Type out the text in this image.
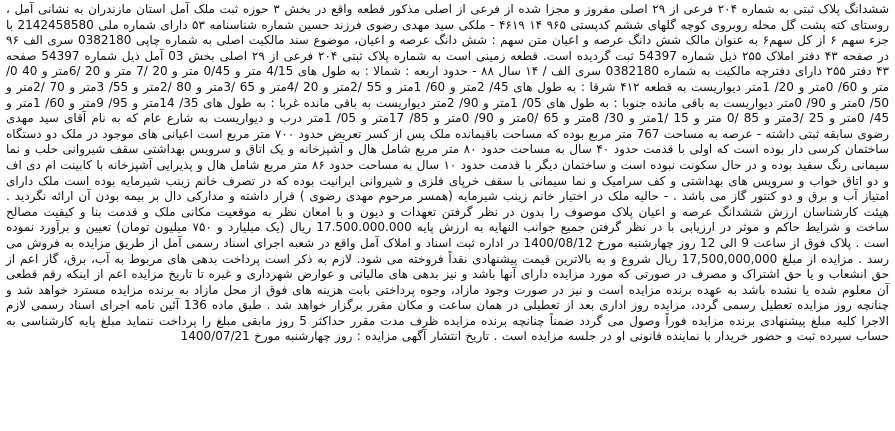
ششدانگ پلاک ثبتی به شماره ۲۰۴ فرعی از ۲۹ اصلی مفروز و مجزا شده از فرعی از اصلی مذکور قطعه واقع در بخش ۳ حوزه ثبت ملک آمل استان مازندران به نشانی آمل ، روستای کته پشت گل محله روبروی کوچه گلهای ششم کدپستی ۹۶۵ ۱۴ ۴۶۱۹ - ملکی سید مهدی رضوی فرزند حسین شماره شناسنامه ۵۳ دارای شماره ملی 2142458580 با جزء سهم ۶ از کل سهم۶ به عنوان مالک شش دانگ عرصه و اعیان متن سهم : شش دانگ عرصه و اعیان، موضوع سند مالکیت اصلی به شماره چاپی 0382180 سری الف ۹۶ در صفحه ۴۳ دفتر املاک ۲۵۵ ذیل شماره 54397 ثبت گردیده است. قطعه زمینی است به شماره پلاک ثبتی ۲۰۴ فرعی از ۲۹ اصلی بخش 03 آمل ذیل شماره 54397 صفحه ۴۳ دفتر ۲۵۵ دارای دفترچه مالکیت به شماره 0382180 سری الف / ۱۴ سال ۸۸ - حدود اربعه : شمالا : به طول های 4/15 متر و 0/45 متر و 20 /7 متر و 20 /6متر و 40 0/متر و 60/ 0متر و 20/ 1متر دیواریست به قطعه ۴۱۲ شرقا : به طول های 45/ 2متر و 60/ 1متر و 55 /2متر و 20 /4متر و 65 /3متر و 80 /2متر و 55/ 3متر و 70 /2متر و 50/ 0متر و 90/ 0متر دیواریست به باقی مانده جنوبا : به طول های 05/ 1متر و 90/ 2متر دیواریست به باقی مانده غربا : به طول های 35/ 14متر و 95/ 9متر و 60/ 1متر و 45/ 0متر و 25 /3متر و 85 /0 متر و 15 /1متر و 30/ 8متر و 65 /0متر و 90/ 0متر و 85/ 17متر و 05/ 1متر درب و دیواریست به شارع عام که به نام آقای سید مهدی رضوی سابقه ثبتی داشته - عرصه به مساحت 767 متر مربع بوده که مساحت باقیمانده ملک پس از کسر تعریض حدود ۷۰۰ متر مربع است اعیانی های موجود در ملک دو دستگاه ساختمان کرسی دار بوده است که اولی با قدمت حدود ۴۰ سال به مساحت حدود ۸۰ متر مربع شامل هال و آشپزخانه و یک اتاق و سرویس بهداشتی سقف شیروانی حلب و نما سیمانی رنگ سفید بوده و در حال سکونت نبوده است و ساختمان دیگر با قدمت حدود ۱۰ سال به مساحت حدود ۸۶ متر مربع شامل هال و پذیرایی آشپزخانه با کابینت ام دی اف و دو اتاق خواب و سرویس های بهداشتی و کف سرامیک و نما سیمانی با سقف خرپای فلزی و شیروانی ایرانیت بوده که در تصرف خانم زینب شیرمایه بوده است ملک دارای امتیاز آب و برق و دو کنتور گاز می باشد . - حالیه ملک در اختیار خانم زینب شیرمایه (همسر مرحوم مهدی رضوی ) قرار داشته و مدارکی دال بر بیمه بودن آن ارائه نگردید . هیئت کارشناسان ارزش ششدانگ عرصه و اعیان پلاک موصوف را بدون در نظر گرفتن تعهدات و دیون و با امعان نظر به موقعیت مکانی ملک و قدمت بنا و کیفیت مصالح ساخت و شرایط حاکم و موثر در ارزیابی با در نظر گرفتن جمیع جوانب النهایه به ارزش پایه 17.500.000.000 ریال (یک میلیارد و ۷۵۰ میلیون تومان) تعیین و برآورد نموده است . پلاک فوق از ساعت 9 الی 12 روز چهارشنبه مورخ 1400/08/12 در اداره ثبت اسناد و املاک آمل واقع در شعبه اجرای اسناد رسمی آمل از طریق مزایده به فروش می رسد . مزایده از مبلغ 17,500,000,000 ریال شروع و به بالاترین قیمت پیشنهادی نقداً فروخته می شود. لازم به ذکر است پرداخت بدهی های مربوط به آب، برق، گاز اعم از حق انشعاب و یا حق اشتراک و مصرف در صورتی که مورد مزایده دارای آنها باشد و نیز بدهی های مالیاتی و عوارض شهرداری و غیره تا تاریخ مزایده اعم از اینکه رقم قطعی آن معلوم شده یا نشده باشد به عهده برنده مزایده است و نیز در صورت وجود مازاد، وجوه پرداختی بابت هزینه های فوق از محل مازاد به برنده مزایده مسترد خواهد شد و چنانچه روز مزایده تعطیل رسمی گردد، مزایده روز اداری بعد از تعطیلی در همان ساعت و مکان مقرر برگزار خواهد شد . طبق ماده 136 آئین نامه اجرای اسناد رسمی لازم الاجرا کلیه مبلغ پیشنهادی برنده مزایده فوراً وصول می گردد ضمناً چنانچه برنده مزایده ظرف مدت مقرر حداکثر 5 روز مابقی مبلغ را پرداخت ننماید مبلغ پایه کارشناسی به حساب سپرده ثبت و حضور خریدار با نماینده قانونی او در جلسه مزایده است . تاریخ انتشار آگهی مزایده : روز چهارشنبه مورخ 1400/07/21
